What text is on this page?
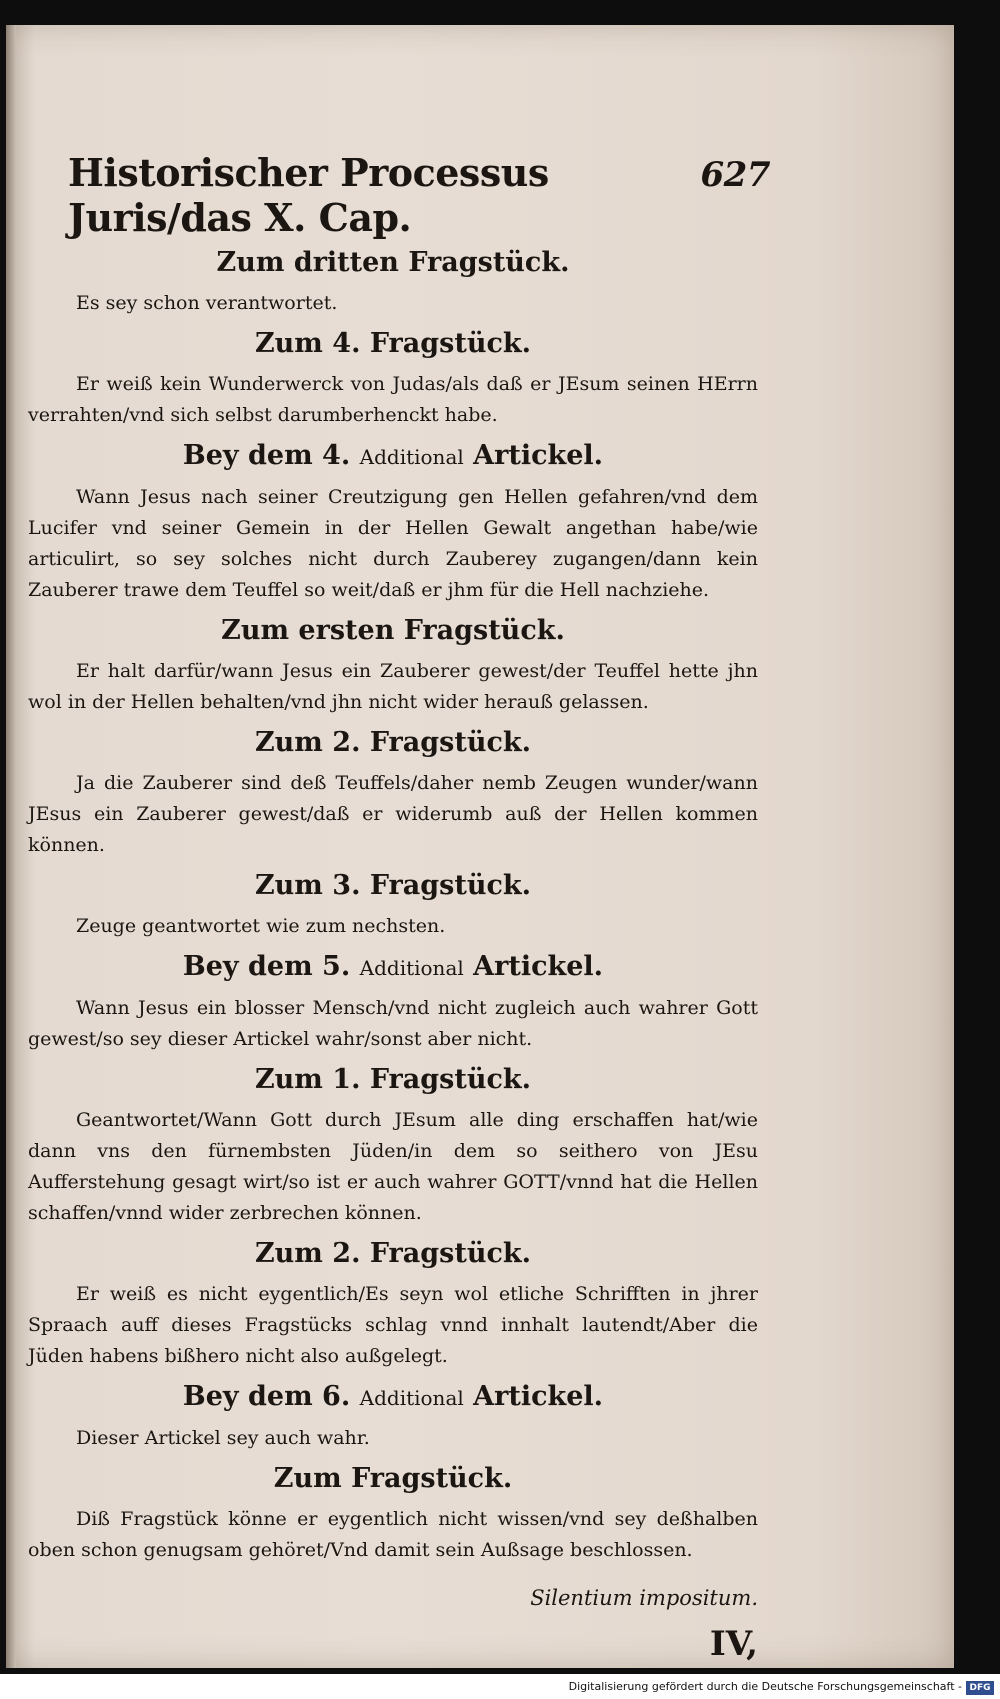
Historischer Processus Juris/das X. Cap.
627
Zum dritten Fragstück.

Es sey schon verantwortet.

Zum 4. Fragstück.

Er weiß kein Wunderwerck von Judas/als daß er JEsum seinen HErrn verrahten/vnd sich selbst darumberhenckt habe.

Bey dem 4. Additional Artickel.

Wann Jesus nach seiner Creutzigung gen Hellen gefahren/vnd dem Lucifer vnd seiner Gemein in der Hellen Gewalt angethan habe/wie articulirt, so sey solches nicht durch Zauberey zugangen/dann kein Zauberer trawe dem Teuffel so weit/daß er jhm für die Hell nachziehe.

Zum ersten Fragstück.

Er halt darfür/wann Jesus ein Zauberer gewest/der Teuffel hette jhn wol in der Hellen behalten/vnd jhn nicht wider herauß gelassen.

Zum 2. Fragstück.

Ja die Zauberer sind deß Teuffels/daher nemb Zeugen wunder/wann JEsus ein Zauberer gewest/daß er widerumb auß der Hellen kommen können.

Zum 3. Fragstück.

Zeuge geantwortet wie zum nechsten.

Bey dem 5. Additional Artickel.

Wann Jesus ein blosser Mensch/vnd nicht zugleich auch wahrer Gott gewest/so sey dieser Artickel wahr/sonst aber nicht.

Zum 1. Fragstück.

Geantwortet/Wann Gott durch JEsum alle ding erschaffen hat/wie dann vns den fürnembsten Jüden/in dem so seithero von JEsu Aufferstehung gesagt wirt/so ist er auch wahrer GOTT/vnnd hat die Hellen schaffen/vnnd wider zerbrechen können.

Zum 2. Fragstück.

Er weiß es nicht eygentlich/Es seyn wol etliche Schrifften in jhrer Spraach auff dieses Fragstücks schlag vnnd innhalt lautendt/Aber die Jüden habens bißhero nicht also außgelegt.

Bey dem 6. Additional Artickel.

Dieser Artickel sey auch wahr.

Zum Fragstück.

Diß Fragstück könne er eygentlich nicht wissen/vnd sey deßhalben oben schon genugsam gehöret/Vnd damit sein Außsage beschlossen.

Silentium impositum.
IV,
Digitalisierung gefördert durch die Deutsche Forschungsgemeinschaft - DFG
